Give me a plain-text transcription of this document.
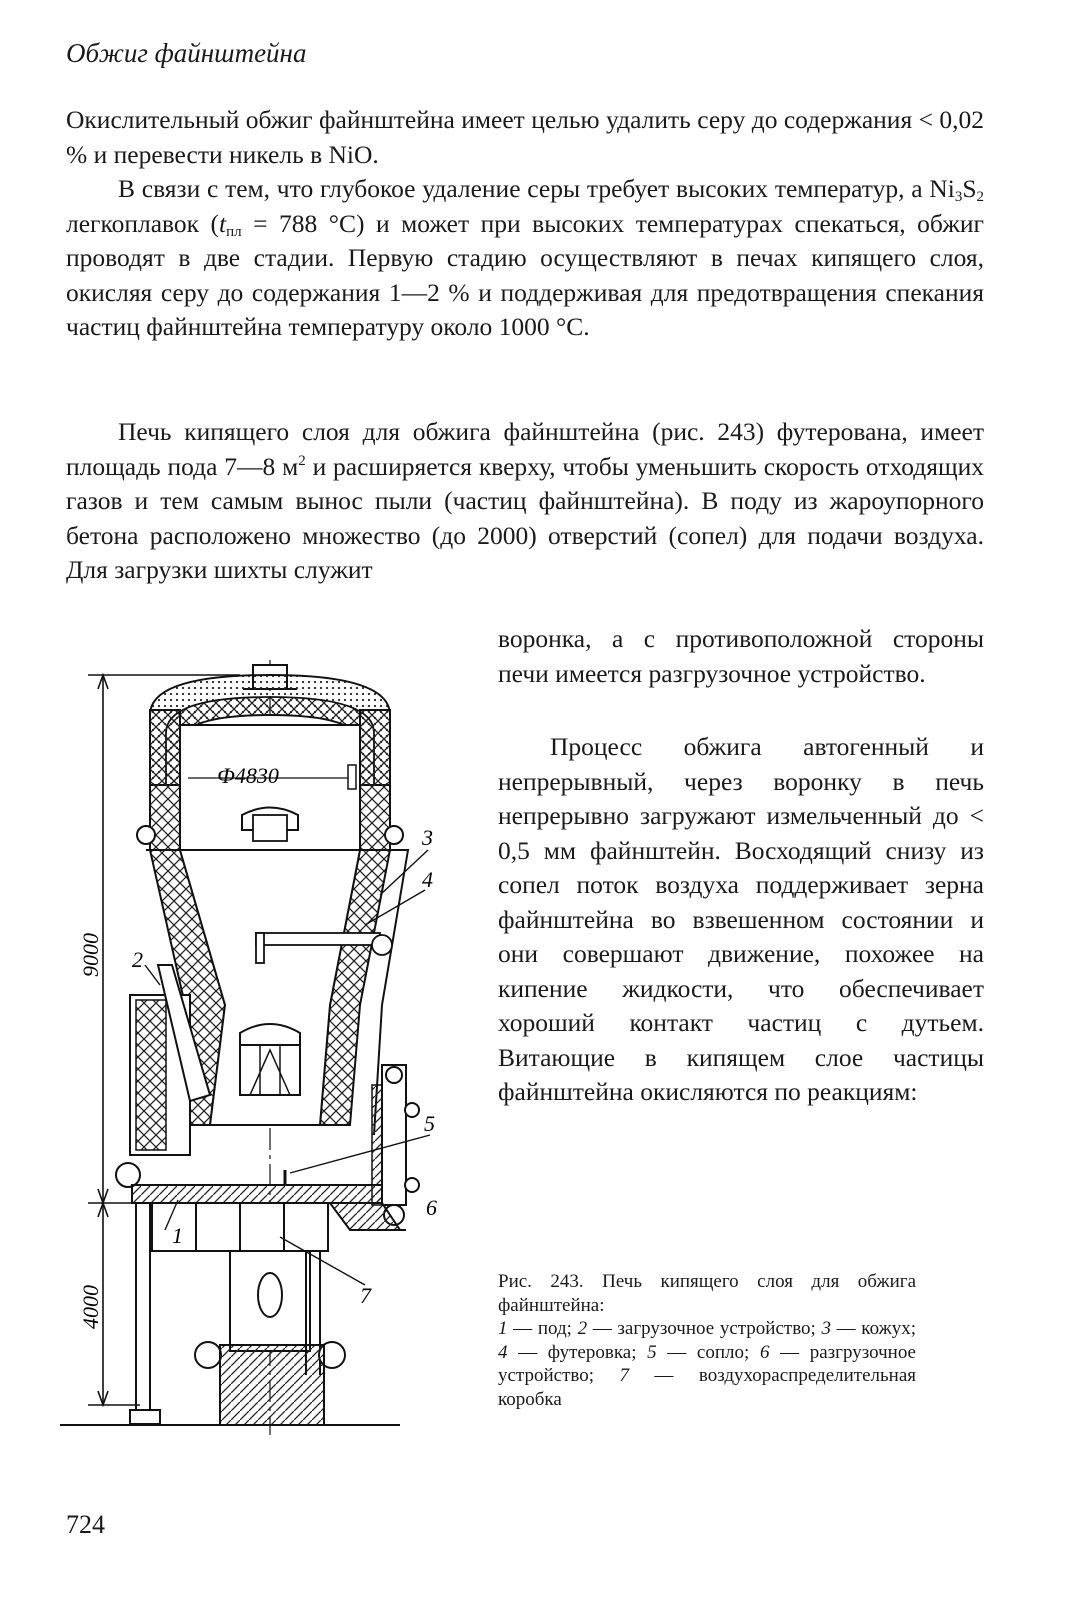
Обжиг файнштейна

Окислительный обжиг файнштейна имеет целью удалить серу до содержания < 0,02 % и перевести никель в NiO.

В связи с тем, что глубокое удаление серы требует высоких температур, а $Ni_3S_2$ легкоплавок ($t_{пл} = 788$ °C) и может при высоких температурах спекаться, обжиг проводят в две стадии. Первую стадию осуществляют в печах кипящего слоя, окисляя серу до содержания 1—2 % и поддерживая для предотвращения спекания частиц файнштейна температуру около 1000 °C.

Печь кипящего слоя для обжига файнштейна (рис. 243) футерована, имеет площадь пода 7—8 $м^2$ и расширяется кверху, чтобы уменьшить скорость отходящих газов и тем самым вынос пыли (частиц файнштейна). В поду из жароупорного бетона расположено множество (до 2000) отверстий (сопел) для подачи воздуха. Для загрузки шихты служит

воронка, а с противоположной стороны печи имеется разгрузочное устройство.

Процесс обжига автогенный и непрерывный, через воронку в печь непрерывно загружают измельченный до < 0,5 мм файнштейн. Восходящий снизу из сопел поток воздуха поддерживает зерна файнштейна во взвешенном состоянии и они совершают движение, похожее на кипение жидкости, что обеспечивает хороший контакт частиц с дутьем. Витающие в кипящем слое частицы файнштейна окисляются по реакциям:

9000
4000
Ф4830
1
2
3
4
5
6
7
Рис. 243. Печь кипящего слоя для обжига файнштейна:
1 — под; 2 — загрузочное устройство; 3 — кожух; 4 — футеровка; 5 — сопло; 6 — разгрузочное устройство; 7 — воздухораспределительная коробка
724
